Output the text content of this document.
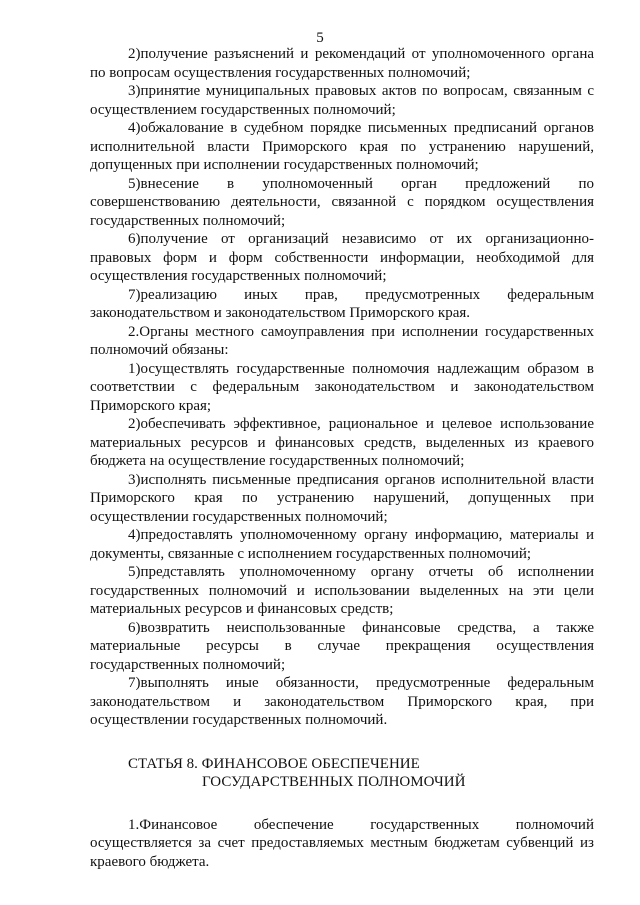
5

2)получение разъяснений и рекомендаций от уполномоченного органа по вопросам осуществления государственных полномочий;

3)принятие муниципальных правовых актов по вопросам, связанным с осуществлением государственных полномочий;

4)обжалование в судебном порядке письменных предписаний органов исполнительной власти Приморского края по устранению нарушений, допущенных при исполнении государственных полномочий;

5)внесение в уполномоченный орган предложений по совершенствованию деятельности, связанной с порядком осуществления государственных полномочий;

6)получение от организаций независимо от их организационно-правовых форм и форм собственности информации, необходимой для осуществления государственных полномочий;

7)реализацию иных прав, предусмотренных федеральным законодательством и законодательством Приморского края.

2.Органы местного самоуправления при исполнении государственных полномочий обязаны:

1)осуществлять государственные полномочия надлежащим образом в соответствии с федеральным законодательством и законодательством Приморского края;

2)обеспечивать эффективное, рациональное и целевое использование материальных ресурсов и финансовых средств, выделенных из краевого бюджета на осуществление государственных полномочий;

3)исполнять письменные предписания органов исполнительной власти Приморского края по устранению нарушений, допущенных при осуществлении государственных полномочий;

4)предоставлять уполномоченному органу информацию, материалы и документы, связанные с исполнением государственных полномочий;

5)представлять уполномоченному органу отчеты об исполнении государственных полномочий и использовании выделенных на эти цели материальных ресурсов и финансовых средств;

6)возвратить неиспользованные финансовые средства, а также материальные ресурсы в случае прекращения осуществления государственных полномочий;

7)выполнять иные обязанности, предусмотренные федеральным законодательством и законодательством Приморского края, при осуществлении государственных полномочий.

СТАТЬЯ 8. ФИНАНСОВОЕ ОБЕСПЕЧЕНИЕ
ГОСУДАРСТВЕННЫХ ПОЛНОМОЧИЙ

1.Финансовое обеспечение государственных полномочий осуществляется за счет предоставляемых местным бюджетам субвенций из краевого бюджета.
